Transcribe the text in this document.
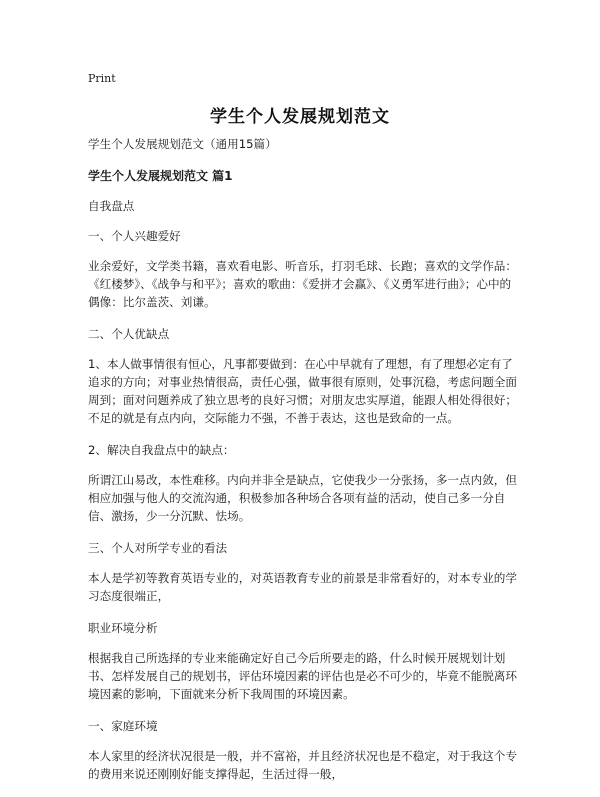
Print
学生个人发展规划范文

学生个人发展规划范文（通用15篇）

学生个人发展规划范文 篇1

自我盘点

一、个人兴趣爱好

业余爱好，文学类书籍，喜欢看电影、听音乐，打羽毛球、长跑；喜欢的文学作品：《红楼梦》、《战争与和平》；喜欢的歌曲：《爱拼才会赢》、《义勇军进行曲》；心中的偶像：比尔盖茨、刘谦。

二、个人优缺点

1、本人做事情很有恒心，凡事都要做到：在心中早就有了理想，有了理想必定有了追求的方向；对事业热情很高，责任心强，做事很有原则，处事沉稳，考虑问题全面周到；面对问题养成了独立思考的良好习惯；对朋友忠实厚道，能跟人相处得很好；不足的就是有点内向，交际能力不强，不善于表达，这也是致命的一点。

2、解决自我盘点中的缺点：

所谓江山易改，本性难移。内向并非全是缺点，它使我少一分张扬，多一点内敛，但相应加强与他人的交流沟通，积极参加各种场合各项有益的活动，使自己多一分自信、激扬，少一分沉默、怯场。

三、个人对所学专业的看法

本人是学初等教育英语专业的，对英语教育专业的前景是非常看好的，对本专业的学习态度很端正，

职业环境分析

根据我自己所选择的专业来能确定好自己今后所要走的路，什么时候开展规划计划书、怎样发展自己的规划书，评估环境因素的评估也是必不可少的，毕竟不能脱离环境因素的影响，下面就来分析下我周围的环境因素。

一、家庭环境

本人家里的经济状况很是一般，并不富裕，并且经济状况也是不稳定，对于我这个专的费用来说还刚刚好能支撑得起，生活过得一般，
